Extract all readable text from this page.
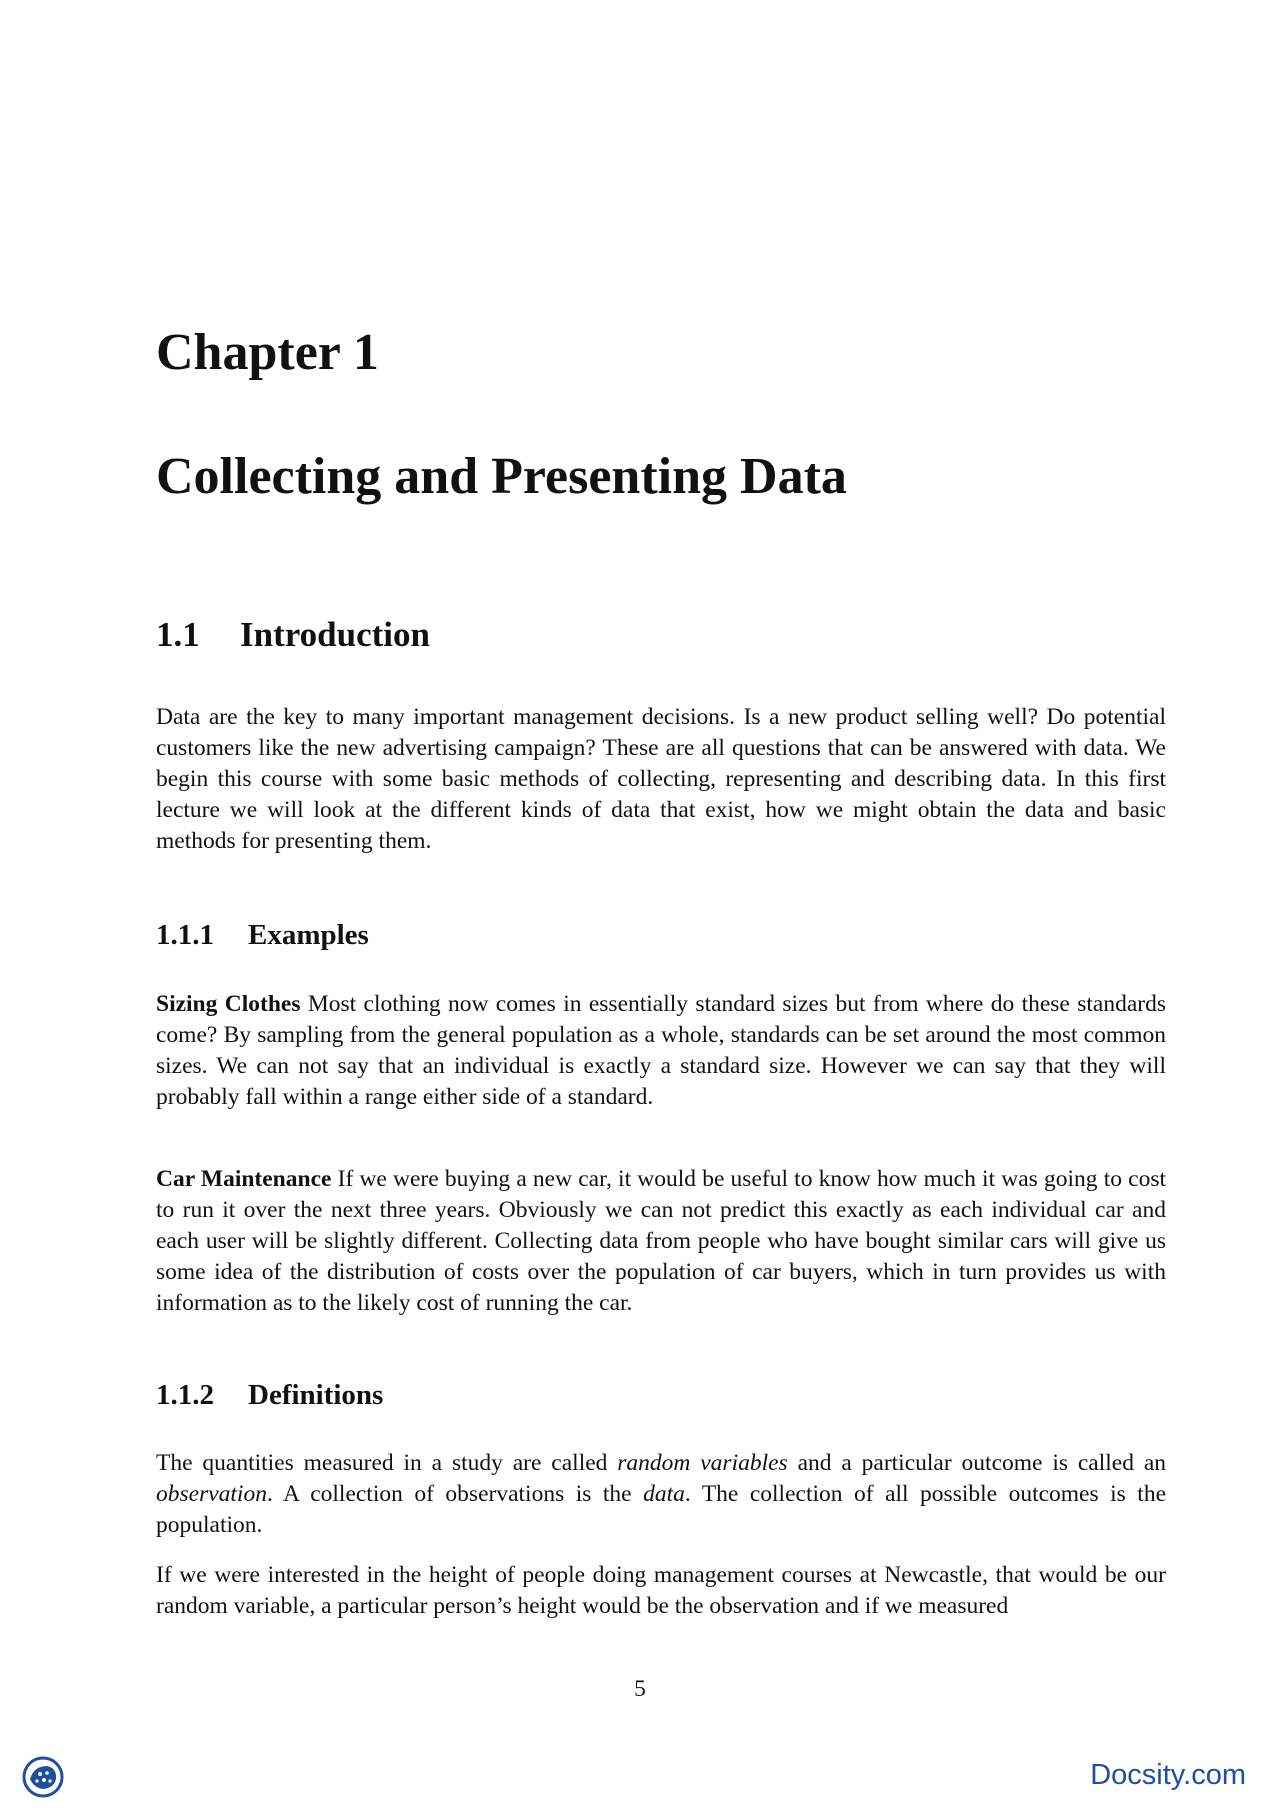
Chapter 1
Collecting and Presenting Data
1.1 Introduction

Data are the key to many important management decisions. Is a new product selling well? Do potential customers like the new advertising campaign? These are all questions that can be answered with data. We begin this course with some basic methods of collecting, representing and describing data. In this first lecture we will look at the different kinds of data that exist, how we might obtain the data and basic methods for presenting them.

1.1.1 Examples

Sizing Clothes Most clothing now comes in essentially standard sizes but from where do these standards come? By sampling from the general population as a whole, standards can be set around the most common sizes. We can not say that an individual is exactly a standard size. However we can say that they will probably fall within a range either side of a standard.

Car Maintenance If we were buying a new car, it would be useful to know how much it was going to cost to run it over the next three years. Obviously we can not predict this exactly as each individual car and each user will be slightly different. Collecting data from people who have bought similar cars will give us some idea of the distribution of costs over the population of car buyers, which in turn provides us with information as to the likely cost of running the car.

1.1.2 Definitions

The quantities measured in a study are called random variables and a particular outcome is called an observation. A collection of observations is the data. The collection of all possible outcomes is the population.

If we were interested in the height of people doing management courses at Newcastle, that would be our random variable, a particular person’s height would be the observation and if we measured

5

Docsity.com
